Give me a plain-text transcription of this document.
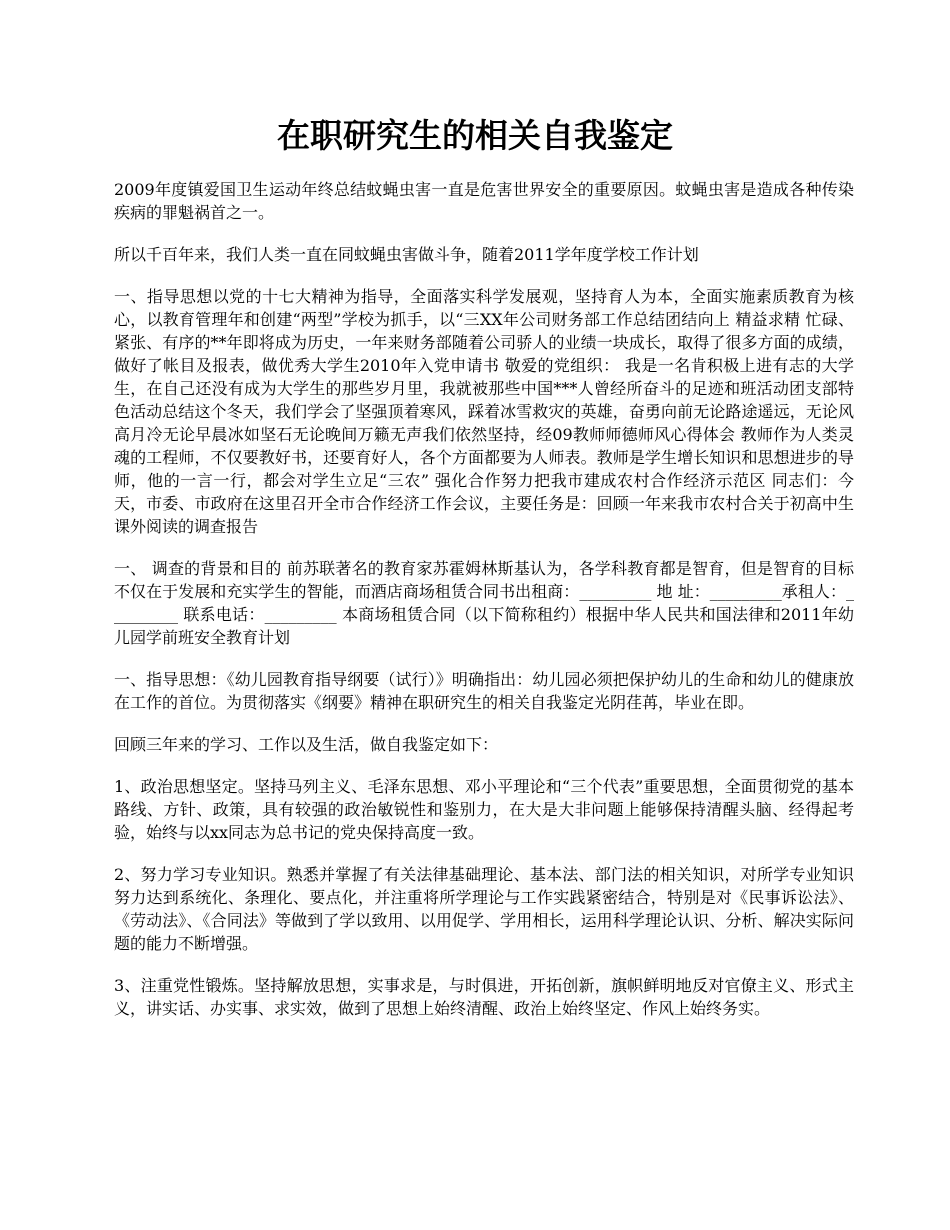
在职研究生的相关自我鉴定

2009年度镇爱国卫生运动年终总结蚊蝇虫害一直是危害世界安全的重要原因。蚊蝇虫害是造成各种传染疾病的罪魁祸首之一。

所以千百年来，我们人类一直在同蚊蝇虫害做斗争，随着2011学年度学校工作计划

一、指导思想以党的十七大精神为指导，全面落实科学发展观，坚持育人为本，全面实施素质教育为核心，以教育管理年和创建“两型”学校为抓手，以“三XX年公司财务部工作总结团结向上 精益求精 忙碌、紧张、有序的**年即将成为历史，一年来财务部随着公司骄人的业绩一块成长，取得了很多方面的成绩，做好了帐目及报表，做优秀大学生2010年入党申请书 敬爱的党组织： 我是一名肯积极上进有志的大学生，在自己还没有成为大学生的那些岁月里，我就被那些中国***人曾经所奋斗的足迹和班活动团支部特色活动总结这个冬天，我们学会了坚强顶着寒风，踩着冰雪救灾的英雄，奋勇向前无论路途遥远，无论风高月冷无论早晨冰如坚石无论晚间万籁无声我们依然坚持，经09教师师德师风心得体会 教师作为人类灵魂的工程师，不仅要教好书，还要育好人，各个方面都要为人师表。教师是学生增长知识和思想进步的导师，他的一言一行，都会对学生立足“三农” 强化合作努力把我市建成农村合作经济示范区 同志们：今天，市委、市政府在这里召开全市合作经济工作会议，主要任务是：回顾一年来我市农村合关于初高中生课外阅读的调查报告

一、 调查的背景和目的 前苏联著名的教育家苏霍姆林斯基认为，各学科教育都是智育，但是智育的目标不仅在于发展和充实学生的智能，而酒店商场租赁合同书出租商：_________ 地 址：_________承租人：_________ 联系电话：_________ 本商场租赁合同（以下简称租约）根据中华人民共和国法律和2011年幼儿园学前班安全教育计划

一、指导思想：《幼儿园教育指导纲要（试行）》明确指出：幼儿园必须把保护幼儿的生命和幼儿的健康放在工作的首位。为贯彻落实《纲要》精神在职研究生的相关自我鉴定光阴荏苒，毕业在即。

回顾三年来的学习、工作以及生活，做自我鉴定如下：

1、政治思想坚定。坚持马列主义、毛泽东思想、邓小平理论和“三个代表”重要思想，全面贯彻党的基本路线、方针、政策，具有较强的政治敏锐性和鉴别力，在大是大非问题上能够保持清醒头脑、经得起考验，始终与以xx同志为总书记的党央保持高度一致。

2、努力学习专业知识。熟悉并掌握了有关法律基础理论、基本法、部门法的相关知识，对所学专业知识努力达到系统化、条理化、要点化，并注重将所学理论与工作实践紧密结合，特别是对《民事诉讼法》、《劳动法》、《合同法》等做到了学以致用、以用促学、学用相长，运用科学理论认识、分析、解决实际问题的能力不断增强。

3、注重党性锻炼。坚持解放思想，实事求是，与时俱进，开拓创新，旗帜鲜明地反对官僚主义、形式主义，讲实话、办实事、求实效，做到了思想上始终清醒、政治上始终坚定、作风上始终务实。
